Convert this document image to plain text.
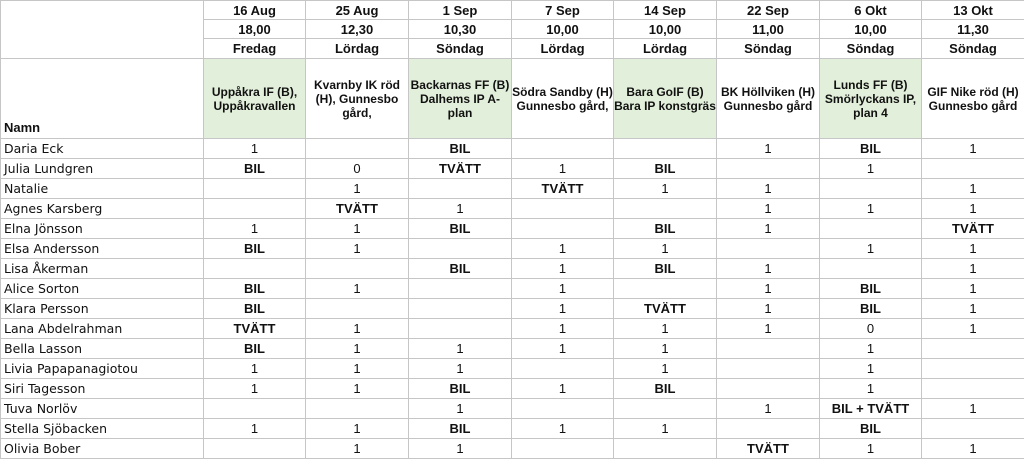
	16 Aug	25 Aug	1 Sep	7 Sep	14 Sep	22 Sep	6 Okt	13 Okt
	18,00	12,30	10,30	10,00	10,00	11,00	10,00	11,30
	Fredag	Lördag	Söndag	Lördag	Lördag	Söndag	Söndag	Söndag
Namn	Uppåkra IF (B), Uppåkravallen	Kvarnby IK röd (H), Gunnesbo gård,	Backarnas FF (B) Dalhems IP A-plan	Södra Sandby (H) Gunnesbo gård,	Bara GoIF (B) Bara IP konstgräs	BK Höllviken (H) Gunnesbo gård	Lunds FF (B) Smörlyckans IP, plan 4	GIF Nike röd (H) Gunnesbo gård
Daria Eck	1		BIL			1	BIL	1
Julia Lundgren	BIL	0	TVÄTT	1	BIL		1	
Natalie		1		TVÄTT	1	1		1
Agnes Karsberg		TVÄTT	1			1	1	1
Elna Jönsson	1	1	BIL		BIL	1		TVÄTT
Elsa Andersson	BIL	1		1	1		1	1
Lisa Åkerman			BIL	1	BIL	1		1
Alice Sorton	BIL	1		1		1	BIL	1
Klara Persson	BIL			1	TVÄTT	1	BIL	1
Lana Abdelrahman	TVÄTT	1		1	1	1	0	1
Bella Lasson	BIL	1	1	1	1		1	
Livia Papapanagiotou	1	1	1		1		1	
Siri Tagesson	1	1	BIL	1	BIL		1	
Tuva Norlöv			1			1	BIL + TVÄTT	1
Stella Sjöbacken	1	1	BIL	1	1		BIL	
Olivia Bober		1	1			TVÄTT	1	1
